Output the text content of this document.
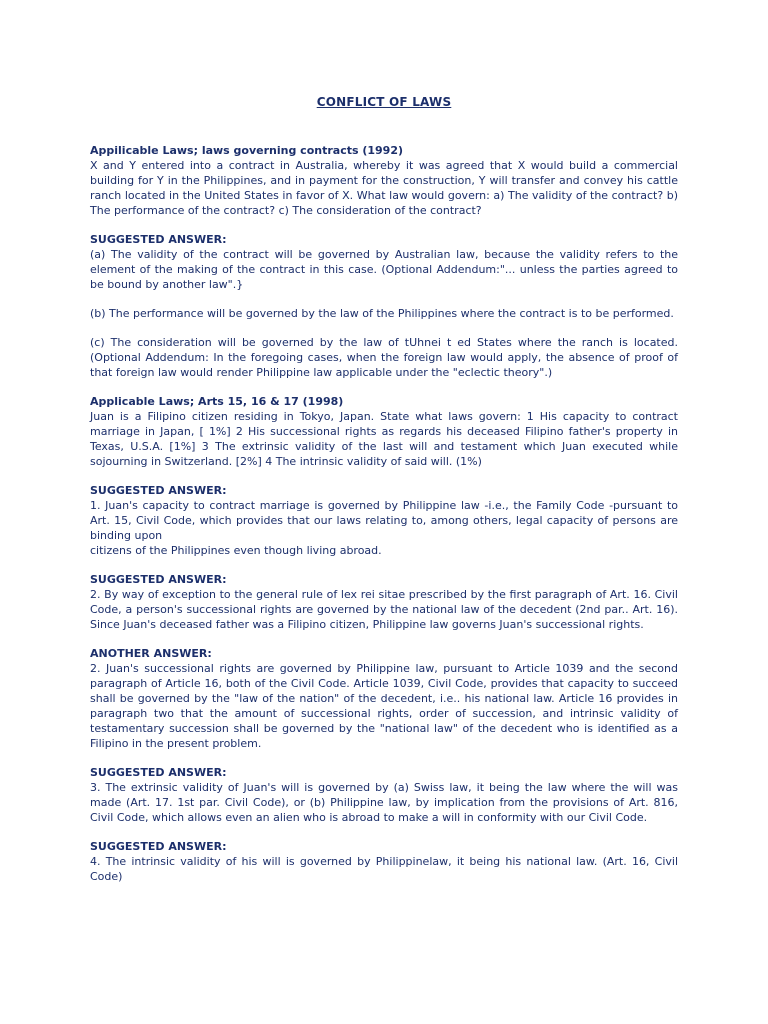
CONFLICT OF LAWS

Appilicable Laws; laws governing contracts (1992)

X and Y entered into a contract in Australia, whereby it was agreed that X would build a commercial building for Y in the Philippines, and in payment for the construction, Y will transfer and convey his cattle ranch located in the United States in favor of X. What law would govern: a) The validity of the contract? b) The performance of the contract? c) The consideration of the contract?

SUGGESTED ANSWER:

(a) The validity of the contract will be governed by Australian law, because the validity refers to the element of the making of the contract in this case. (Optional Addendum:"... unless the parties agreed to be bound by another law".}

(b) The performance will be governed by the law of the Philippines where the contract is to be performed.

(c) The consideration will be governed by the law of tUhnei t ed States where the ranch is located. (Optional Addendum: In the foregoing cases, when the foreign law would apply, the absence of proof of that foreign law would render Philippine law applicable under the "eclectic theory".)

Applicable Laws; Arts 15, 16 & 17 (1998)

Juan is a Filipino citizen residing in Tokyo, Japan. State what laws govern: 1 His capacity to contract marriage in Japan, [ 1%] 2 His successional rights as regards his deceased Filipino father's property in Texas, U.S.A. [1%] 3 The extrinsic validity of the last will and testament which Juan executed while sojourning in Switzerland. [2%] 4 The intrinsic validity of said will. (1%)

SUGGESTED ANSWER:

1. Juan's capacity to contract marriage is governed by Philippine law -i.e., the Family Code -pursuant to Art. 15, Civil Code, which provides that our laws relating to, among others, legal capacity of persons are binding upon

citizens of the Philippines even though living abroad.

SUGGESTED ANSWER:

2. By way of exception to the general rule of lex rei sitae prescribed by the first paragraph of Art. 16. Civil Code, a person's successional rights are governed by the national law of the decedent (2nd par.. Art. 16). Since Juan's deceased father was a Filipino citizen, Philippine law governs Juan's successional rights.

ANOTHER ANSWER:

2. Juan's successional rights are governed by Philippine law, pursuant to Article 1039 and the second paragraph of Article 16, both of the Civil Code. Article 1039, Civil Code, provides that capacity to succeed shall be governed by the "law of the nation" of the decedent, i.e.. his national law. Article 16 provides in paragraph two that the amount of successional rights, order of succession, and intrinsic validity of testamentary succession shall be governed by the "national law" of the decedent who is identified as a Filipino in the present problem.

SUGGESTED ANSWER:

3. The extrinsic validity of Juan's will is governed by (a) Swiss law, it being the law where the will was made (Art. 17. 1st par. Civil Code), or (b) Philippine law, by implication from the provisions of Art. 816, Civil Code, which allows even an alien who is abroad to make a will in conformity with our Civil Code.

SUGGESTED ANSWER:

4. The intrinsic validity of his will is governed by Philippinelaw, it being his national law. (Art. 16, Civil Code)
